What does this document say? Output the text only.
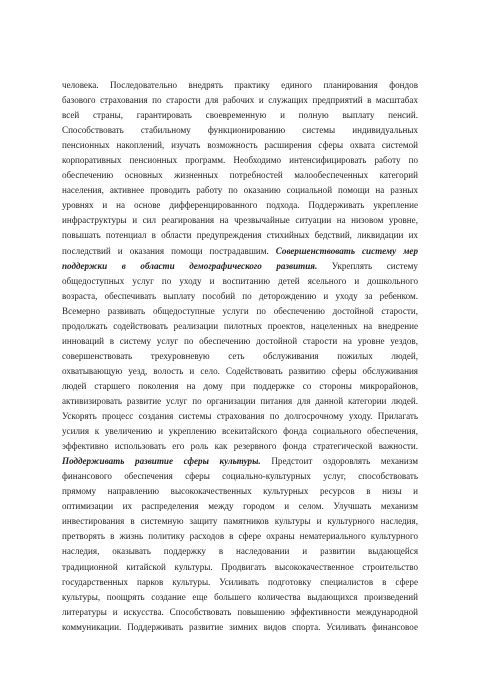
человека. Последовательно внедрять практику единого планирования фондов
базового страхования по старости для рабочих и служащих предприятий в масштабах
всей страны, гарантировать своевременную и полную выплату пенсий.
Способствовать стабильному функционированию системы индивидуальных
пенсионных накоплений, изучать возможность расширения сферы охвата системой
корпоративных пенсионных программ. Необходимо интенсифицировать работу по
обеспечению основных жизненных потребностей малообеспеченных категорий
населения, активнее проводить работу по оказанию социальной помощи на разных
уровнях и на основе дифференцированного подхода. Поддерживать укрепление
инфраструктуры и сил реагирования на чрезвычайные ситуации на низовом уровне,
повышать потенциал в области предупреждения стихийных бедствий, ликвидации их
последствий и оказания помощи пострадавшим. Совершенствовать систему мер
поддержки в области демографического развития. Укреплять систему
общедоступных услуг по уходу и воспитанию детей ясельного и дошкольного
возраста, обеспечивать выплату пособий по деторождению и уходу за ребенком.
Всемерно развивать общедоступные услуги по обеспечению достойной старости,
продолжать содействовать реализации пилотных проектов, нацеленных на внедрение
инноваций в систему услуг по обеспечению достойной старости на уровне уездов,
совершенствовать трехуровневую сеть обслуживания пожилых людей,
охватывающую уезд, волость и село. Содействовать развитию сферы обслуживания
людей старшего поколения на дому при поддержке со стороны микрорайонов,
активизировать развитие услуг по организации питания для данной категории людей.
Ускорять процесс создания системы страхования по долгосрочному уходу. Прилагать
усилия к увеличению и укреплению всекитайского фонда социального обеспечения,
эффективно использовать его роль как резервного фонда стратегической важности.
Поддерживать развитие сферы культуры. Предстоит оздоровлять механизм
финансового обеспечения сферы социально-культурных услуг, способствовать
прямому направлению высококачественных культурных ресурсов в низы и
оптимизации их распределения между городом и селом. Улучшать механизм
инвестирования в системную защиту памятников культуры и культурного наследия,
претворять в жизнь политику расходов в сфере охраны нематериального культурного
наследия, оказывать поддержку в наследовании и развитии выдающейся
традиционной китайской культуры. Продвигать высококачественное строительство
государственных парков культуры. Усиливать подготовку специалистов в сфере
культуры, поощрять создание еще большего количества выдающихся произведений
литературы и искусства. Способствовать повышению эффективности международной
коммуникации. Поддерживать развитие зимних видов спорта. Усиливать финансовое
